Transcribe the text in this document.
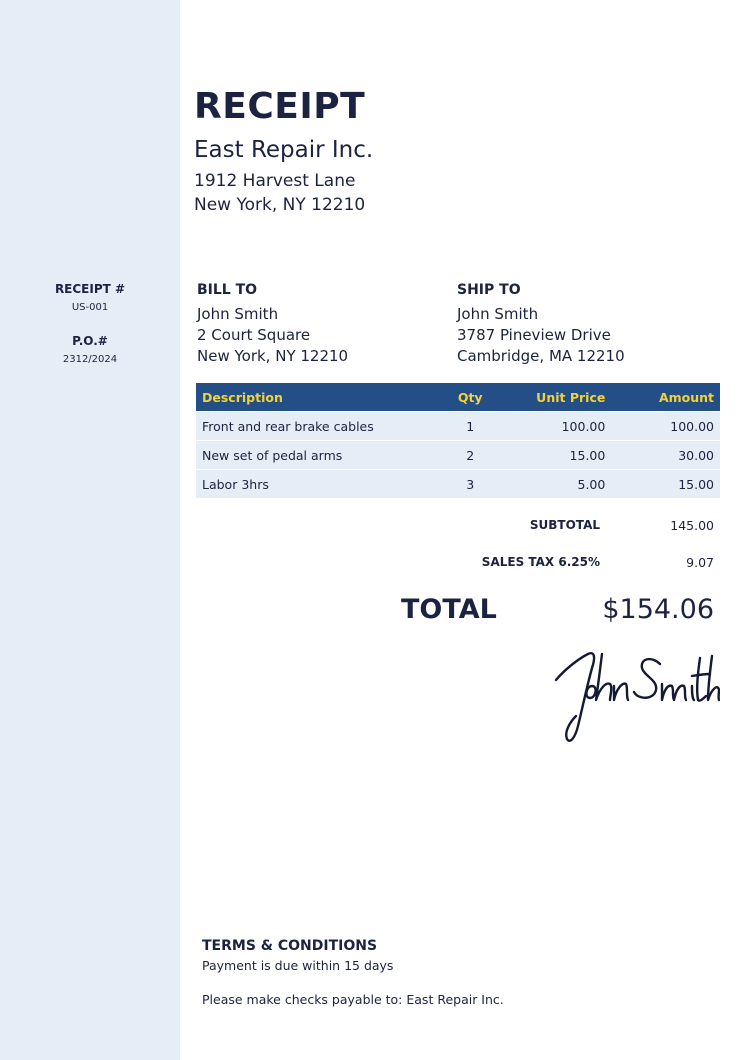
RECEIPT #
US-001
P.O.#
2312/2024
RECEIPT
East Repair Inc.
1912 Harvest Lane
New York, NY 12210
BILL TO
John Smith
2 Court Square
New York, NY 12210
SHIP TO
John Smith
3787 Pineview Drive
Cambridge, MA 12210
Description	Qty	Unit Price	Amount
Front and rear brake cables	1	100.00	100.00
New set of pedal arms	2	15.00	30.00
Labor 3hrs	3	5.00	15.00
SUBTOTAL	145.00
SALES TAX 6.25%	9.07
TOTAL	$154.06
TERMS & CONDITIONS
Payment is due within 15 days
Please make checks payable to: East Repair Inc.
